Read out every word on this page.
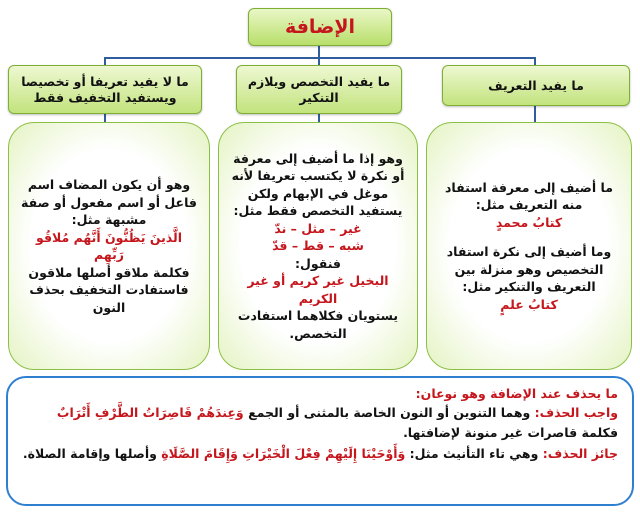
الإضافة
ما يفيد التعريف
ما يفيد التخصص ويلازم التنكير
ما لا يفيد تعريفا أو تخصيصا ويستفيد التخفيف فقط

ما أضيف إلى معرفة استفاد منه التعريف مثل:

كتابُ محمدٍ

وما أضيف إلى نكرة استفاد التخصيص وهو منزلة بين التعريف والتنكير مثل:

كتابُ علمٍ

وهو إذا ما أضيف إلى معرفة أو نكرة لا يكتسب تعريفا لأنه موغل في الإبهام ولكن يستفيد التخصص فقط مثل:

غير – مثل – ندّ

شبه – قط – قدّ

فنقول:

البخيل غير كريم أو غير الكريم

يستويان فكلاهما استفادت التخصص.

وهو أن يكون المضاف اسم فاعل أو اسم مفعول أو صفة مشبهة مثل:

الَّذينَ يَظُنُّونَ أَنَّهُم مُلاقُو رَبِّهِم

فكلمة ملاقو أصلها ملاقون فاستفادت التخفيف بحذف النون

ما يحذف عند الإضافة وهو نوعان:

واجب الحذف: وهما التنوين أو النون الخاصة بالمثنى أو الجمع وَعِندَهُمْ قَاصِرَاتُ الطَّرْفِ أَتْرَابٌ فكلمة قاصرات غير منونة لإضافتها.

جائز الحذف: وهي تاء التأنيث مثل: وَأَوْحَيْنَا إِلَيْهِمْ فِعْلَ الْخَيْرَاتِ وَإِقَامَ الصَّلَاةِ وأصلها وإقامة الصلاة.
